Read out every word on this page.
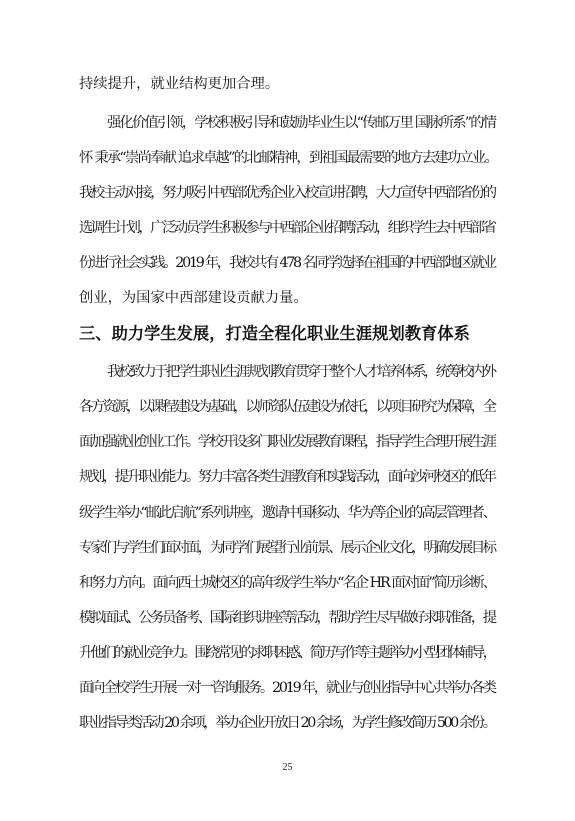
持续提升，就业结构更加合理。
强化价值引领，学校积极引导和鼓励毕业生以“传邮万里 国脉所系”的情
怀 秉承“崇尚奉献 追求卓越”的北邮精神，到祖国最需要的地方去建功立业。
我校主动对接，努力吸引中西部优秀企业入校宣讲招聘，大力宣传中西部省份的
选调生计划，广泛动员学生积极参与中西部企业招聘活动，组织学生去中西部省
份进行社会实践。2019 年，我校共有 478 名同学选择在祖国的中西部地区就业
创业，为国家中西部建设贡献力量。
三、助力学生发展，打造全程化职业生涯规划教育体系
我校致力于把学生职业生涯规划教育贯穿于整个人才培养体系，统筹校内外
各方资源，以课程建设为基础，以师资队伍建设为依托，以项目研究为保障，全
面加强就业创业工作。学校开设多门职业发展教育课程，指导学生合理开展生涯
规划，提升职业能力。努力丰富各类生涯教育和实践活动，面向沙河校区的低年
级学生举办“邮此启航”系列讲座，邀请中国移动、华为等企业的高层管理者、
专家们与学生们面对面，为同学们展望行业前景、展示企业文化，明确发展目标
和努力方向。面向西土城校区的高年级学生举办“名企 HR 面对面”简历诊断、
模拟面试、公务员备考、国际组织讲座等活动，帮助学生尽早做好求职准备，提
升他们的就业竞争力。围绕常见的求职困惑、简历写作等主题举办小型团体辅导，
面向全校学生开展一对一咨询服务。2019 年，就业与创业指导中心共举办各类
职业指导类活动 20 余项，举办企业开放日 20 余场，为学生修改简历 500 余份。
25
